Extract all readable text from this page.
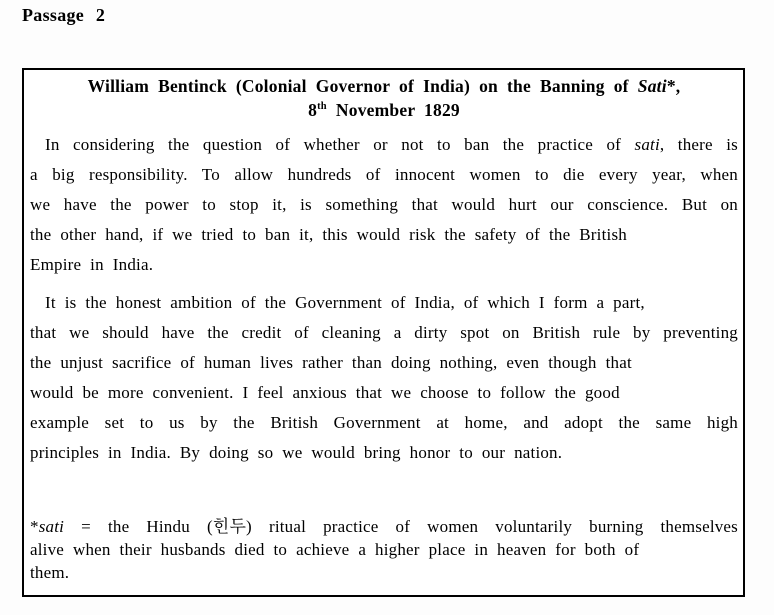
Passage 2
William Bentinck (Colonial Governor of India) on the Banning of Sati*,
8th November 1829
In considering the question of whether or not to ban the practice of sati, there is
a big responsibility. To allow hundreds of innocent women to die every year, when
we have the power to stop it, is something that would hurt our conscience. But on
the other hand, if we tried to ban it, this would risk the safety of the British
Empire in India.
It is the honest ambition of the Government of India, of which I form a part,
that we should have the credit of cleaning a dirty spot on British rule by preventing
the unjust sacrifice of human lives rather than doing nothing, even though that
would be more convenient. I feel anxious that we choose to follow the good
example set to us by the British Government at home, and adopt the same high
principles in India. By doing so we would bring honor to our nation.
*sati = the Hindu (힌두) ritual practice of women voluntarily burning themselves
alive when their husbands died to achieve a higher place in heaven for both of
them.
